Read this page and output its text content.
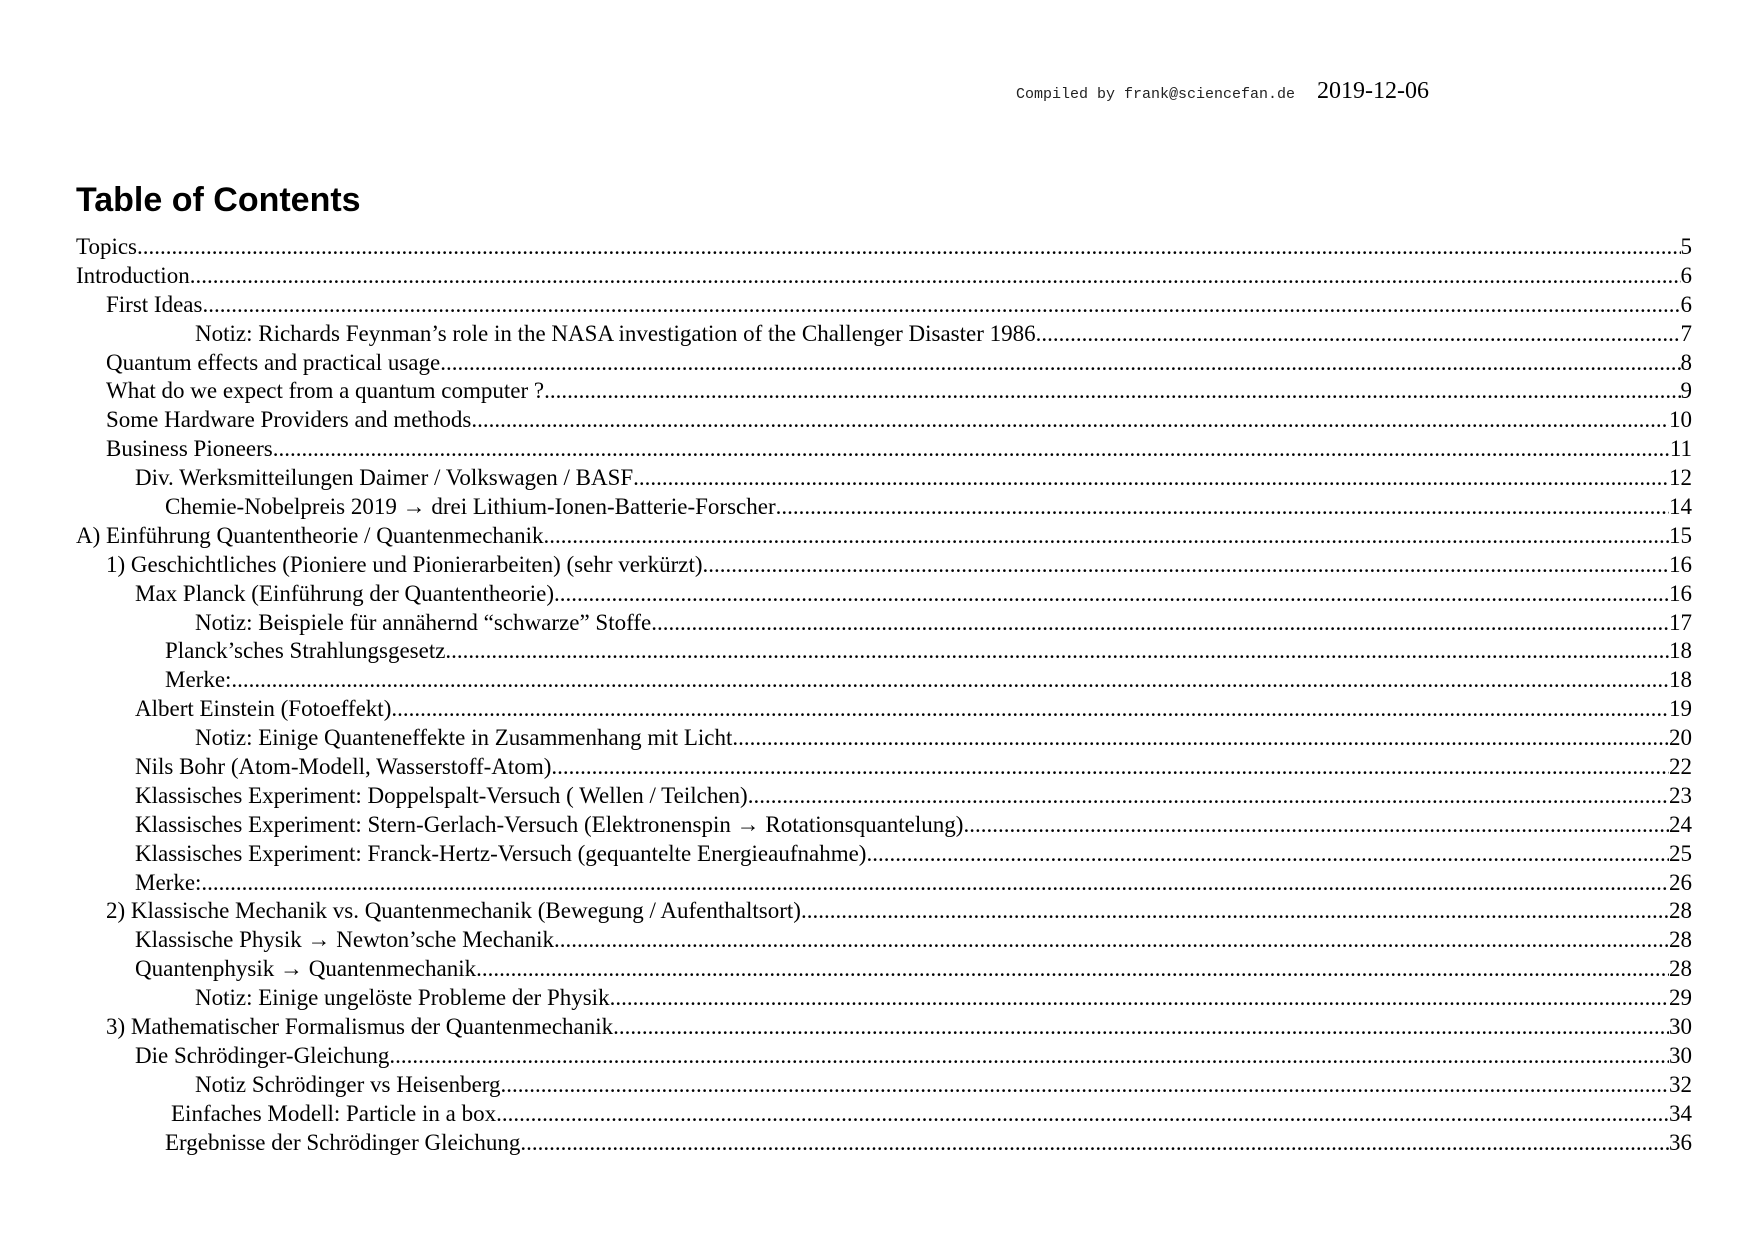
Compiled by frank@sciencefan.de 2019-12-06
Table of Contents
Topics .....	5
Introduction .....	6
First Ideas .....	6
Notiz: Richards Feynman’s role in the NASA investigation of the Challenger Disaster 1986 .....	7
Quantum effects and practical usage .....	8
What do we expect from a quantum computer ? .....	9
Some Hardware Providers and methods .....	10
Business Pioneers .....	11
Div. Werksmitteilungen Daimer / Volkswagen / BASF .....	12
Chemie-Nobelpreis 2019 → drei Lithium-Ionen-Batterie-Forscher .....	14
A) Einführung Quantentheorie / Quantenmechanik .....	15
1) Geschichtliches (Pioniere und Pionierarbeiten) (sehr verkürzt) .....	16
Max Planck (Einführung der Quantentheorie) .....	16
Notiz: Beispiele für annähernd “schwarze” Stoffe .....	17
Planck’sches Strahlungsgesetz .....	18
Merke: .....	18
Albert Einstein (Fotoeffekt) .....	19
Notiz: Einige Quanteneffekte in Zusammenhang mit Licht .....	20
Nils Bohr (Atom-Modell, Wasserstoff-Atom) .....	22
Klassisches Experiment: Doppelspalt-Versuch ( Wellen / Teilchen) .....	23
Klassisches Experiment: Stern-Gerlach-Versuch (Elektronenspin → Rotationsquantelung) .....	24
Klassisches Experiment: Franck-Hertz-Versuch (gequantelte Energieaufnahme) .....	25
Merke: .....	26
2) Klassische Mechanik vs. Quantenmechanik (Bewegung / Aufenthaltsort) .....	28
Klassische Physik → Newton’sche Mechanik .....	28
Quantenphysik → Quantenmechanik .....	28
Notiz: Einige ungelöste Probleme der Physik .....	29
3) Mathematischer Formalismus der Quantenmechanik .....	30
Die Schrödinger-Gleichung .....	30
Notiz Schrödinger vs Heisenberg .....	32
Einfaches Modell: Particle in a box .....	34
Ergebnisse der Schrödinger Gleichung .....	36
